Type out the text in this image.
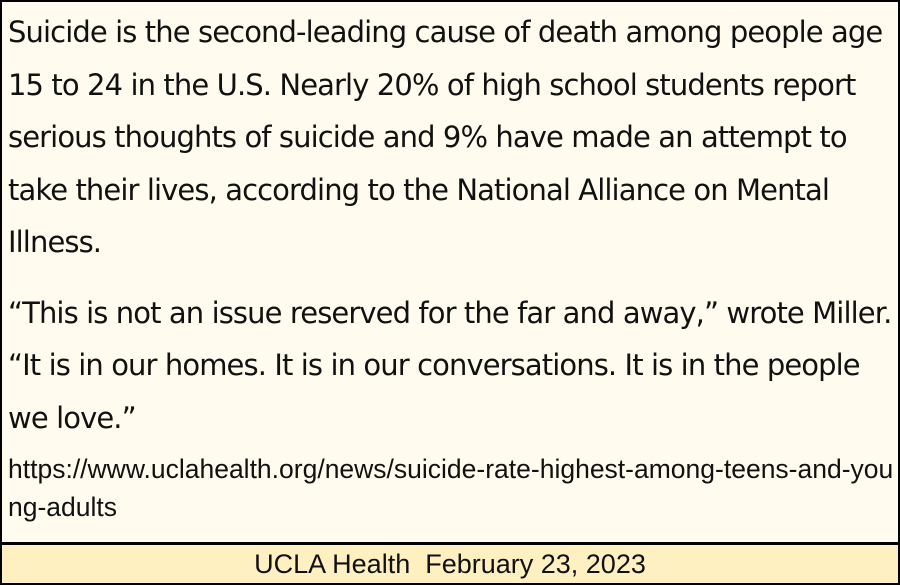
Suicide is the second-leading cause of death among people age 15 to 24 in the U.S. Nearly 20% of high school students report serious thoughts of suicide and 9% have made an attempt to take their lives, according to the National Alliance on Mental Illness.

“This is not an issue reserved for the far and away,” wrote Miller. “It is in our homes. It is in our conversations. It is in the people we love.”

https://www.uclahealth.org/news/suicide-rate-highest-among-teens-and-young-adults
UCLA Health  February 23, 2023
